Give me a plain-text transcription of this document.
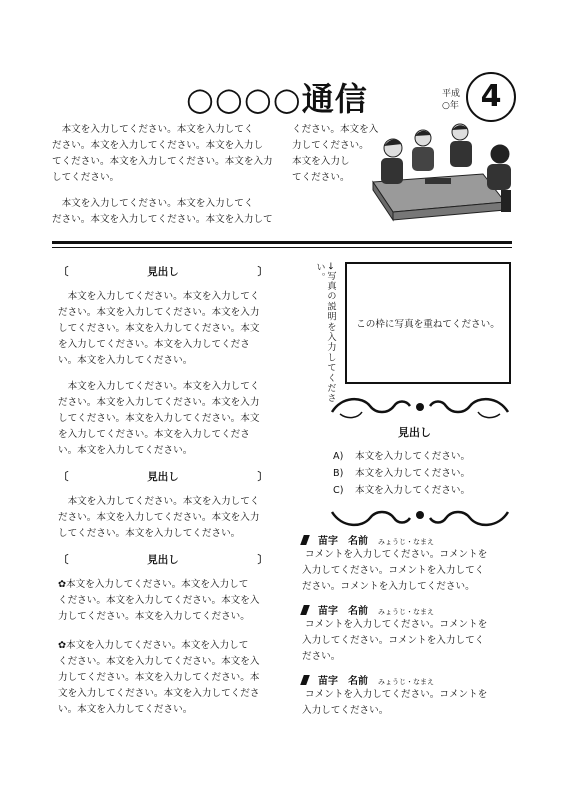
○○○○通信	平成
○年 4
　本文を入力してください。本文を入力してく
ださい。本文を入力してください。本文を入力し
てください。本文を入力してください。本文を入力
してください。
　本文を入力してください。本文を入力してく
ださい。本文を入力してください。本文を入力して
ください。本文を入
力してください。
本文を入力し
てください。
〔	見出し	〕
　本文を入力してください。本文を入力してく
ださい。本文を入力してください。本文を入力
してください。本文を入力してください。本文
を入力してください。本文を入力してくださ
い。本文を入力してください。
　本文を入力してください。本文を入力してく
ださい。本文を入力してください。本文を入力
してください。本文を入力してください。本文
を入力してください。本文を入力してくださ
い。本文を入力してください。
〔	見出し	〕
　本文を入力してください。本文を入力してく
ださい。本文を入力してください。本文を入力
してください。本文を入力してください。
〔	見出し	〕
✿本文を入力してください。本文を入力して
ください。本文を入力してください。本文を入
力してください。本文を入力してください。
✿本文を入力してください。本文を入力して
ください。本文を入力してください。本文を入
力してください。本文を入力してください。本
文を入力してください。本文を入力してくださ
い。本文を入力してください。
→写真の説明を入力してください。
この枠に写真を重ねてください。
見出し
A) 本文を入力してください。
B) 本文を入力してください。
C) 本文を入力してください。
苗字　名前 みょうじ・なまえ
コメントを入力してください。コメントを
入力してください。コメントを入力してく
ださい。コメントを入力してください。
苗字　名前 みょうじ・なまえ
コメントを入力してください。コメントを
入力してください。コメントを入力してく
ださい。
苗字　名前 みょうじ・なまえ
コメントを入力してください。コメントを
入力してください。
